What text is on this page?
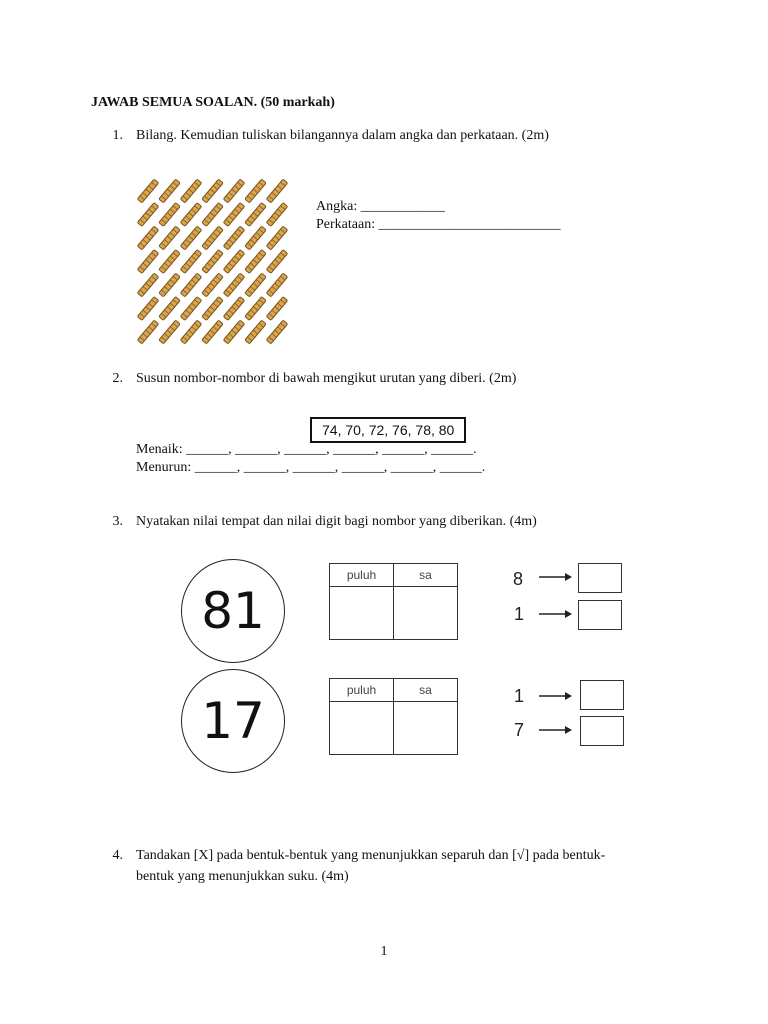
JAWAB SEMUA SOALAN. (50 markah)
1. Bilang. Kemudian tuliskan bilangannya dalam angka dan perkataan. (2m)
Angka: ____________
Perkataan: __________________________
2. Susun nombor-nombor di bawah mengikut urutan yang diberi. (2m)
74, 70, 72, 76, 78, 80
Menaik: ______, ______, ______, ______, ______, ______.
Menurun: ______, ______, ______, ______, ______, ______.
3. Nyatakan nilai tempat dan nilai digit bagi nombor yang diberikan. (4m)
81
puluh	sa
		8
1
17
puluh	sa
		1
7
4. Tandakan [X] pada bentuk-bentuk yang menunjukkan separuh dan [√] pada bentuk-
bentuk yang menunjukkan suku. (4m)
1
